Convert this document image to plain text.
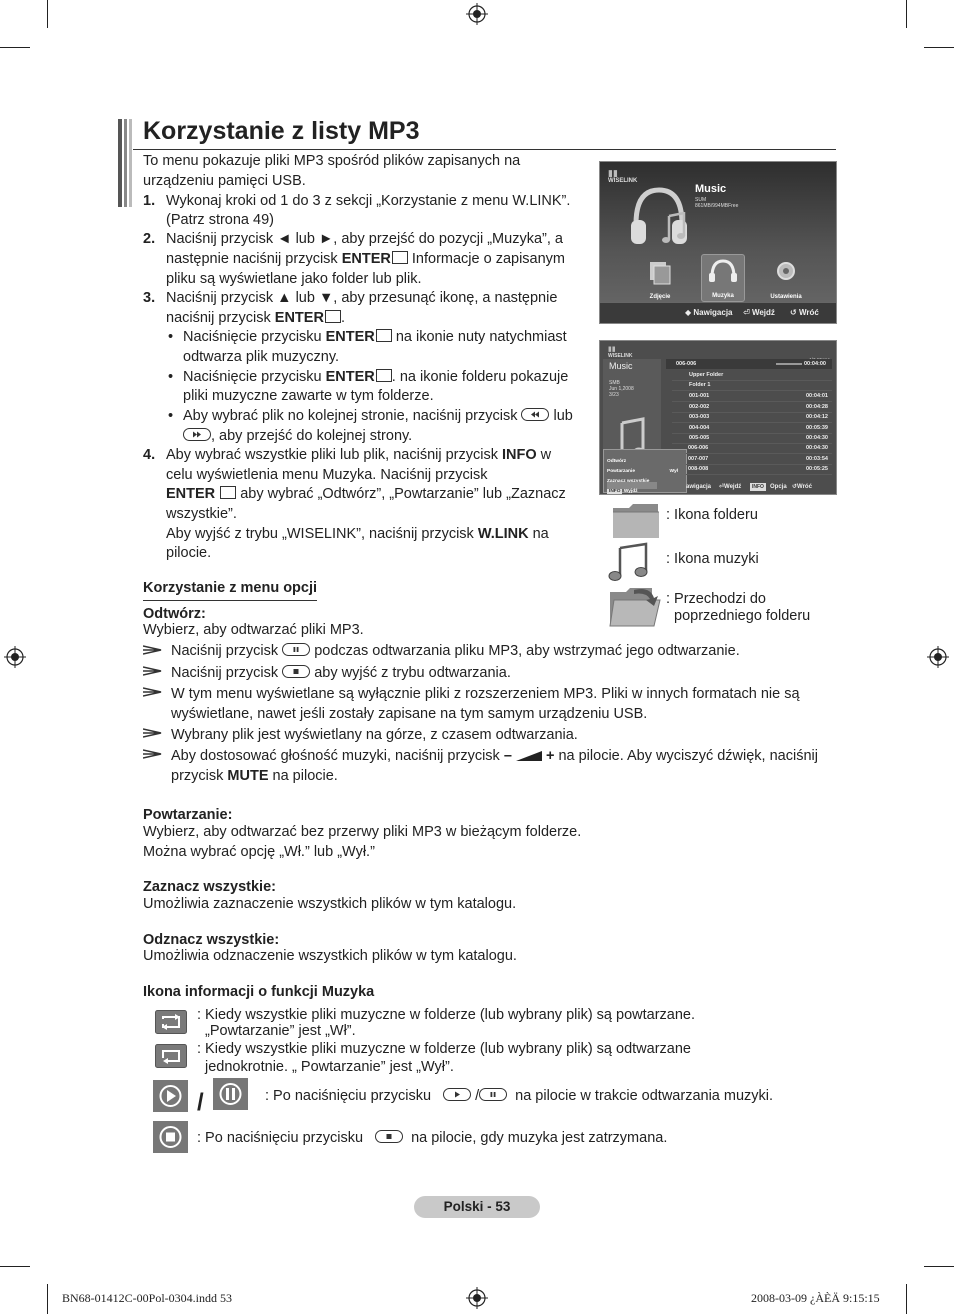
Korzystanie z listy MP3

To menu pokazuje pliki MP3 spośród plików zapisanych na urządzeniu pamięci USB.

1. Wykonaj kroki od 1 do 3 z sekcji „Korzystanie z menu W.LINK”.

(Patrz strona 49)

2. Naciśnij przycisk ◄ lub ►, aby przejść do pozycji „Muzyka”, a

następnie naciśnij przycisk ENTER Informacje o zapisanym

pliku są wyświetlane jako folder lub plik.

3. Naciśnij przycisk ▲ lub ▼, aby przesunąć ikonę, a następnie

naciśnij przycisk ENTER .

• Naciśnięcie przycisku ENTER na ikonie nuty natychmiast

odtwarza plik muzyczny.

• Naciśnięcie przycisku ENTER . na ikonie folderu pokazuje

pliki muzyczne zawarte w tym folderze.

• Aby wybrać plik no kolejnej stronie, naciśnij przycisk
lub

, aby przejść do kolejnej strony.

4. Aby wybrać wszystkie pliki lub plik, naciśnij przycisk INFO w

celu wyświetlenia menu Muzyka. Naciśnij przycisk

ENTER  aby wybrać „Odtwórz”, „Powtarzanie” lub „Zaznacz

wszystkie”.

Aby wyjść z trybu „WISELINK”, naciśnij przycisk W.LINK na

pilocie.

▮▮
WISELINK
Music
SUM
861MB/994MBFree
Zdjęcie	Muzyka	Ustawienia
◆ Nawigacja ⏎ Wejdź ↺ Wróć
▮▮
WISELINK
Music
SMB
Jun 1,2008
3/23
Odtwórz
Powtarzanie	Wył
INFO Wyjdź
006-006	00:04:00
Upper Folder
Folder 1
001-001	00:04:01
002-002	00:04:28
003-003	00:04:12
004-004	00:05:39
005-005	00:04:30
006-006	00:04:30
007-007	00:03:54
008-008	00:05:25
awigacja ⏎Wejdź	INFO	Opcja ↺Wróć
: Ikona folderu
: Ikona muzyki
: Przechodzi do
poprzedniego folderu
Korzystanie z menu opcji
Odtwórz:
Wybierz, aby odtwarzać pliki MP3.

Naciśnij przycisk
podczas odtwarzania pliku MP3, aby wstrzymać jego odtwarzanie.

Naciśnij przycisk
aby wyjść z trybu odtwarzania.

W tym menu wyświetlane są wyłącznie pliki z rozszerzeniem MP3. Pliki w innych formatach nie są

wyświetlane, nawet jeśli zostały zapisane na tym samym urządzeniu USB.

Wybrany plik jest wyświetlany na górze, z czasem odtwarzania.

Aby dostosować głośność muzyki, naciśnij przycisk – + na pilocie. Aby wyciszyć dźwięk, naciśnij

przycisk MUTE na pilocie.

Powtarzanie:
Wybierz, aby odtwarzać bez przerwy pliki MP3 w bieżącym folderze.
Można wybrać opcję „Wł.” lub „Wył.”
Zaznacz wszystkie:
Umożliwia zaznaczenie wszystkich plików w tym katalogu.
Odznacz wszystkie:
Umożliwia odznaczenie wszystkich plików w tym katalogu.
Ikona informacji o funkcji Muzyka
: Kiedy wszystkie pliki muzyczne w folderze (lub wybrany plik) są powtarzane.
„Powtarzanie” jest „Wł”.
: Kiedy wszystkie pliki muzyczne w folderze (lub wybrany plik) są odtwarzane
jednokrotnie. „ Powtarzanie” jest „Wył”.
/	: Po naciśnięciu przycisku	/ na pilocie w trakcie odtwarzania muzyki.

: Po naciśnięciu przycisku	na pilocie, gdy muzyka jest zatrzymana.

Polski - 53
BN68-01412C-00Pol-0304.indd 53	2008-03-09 ¿ÀÈÄ 9:15:15
